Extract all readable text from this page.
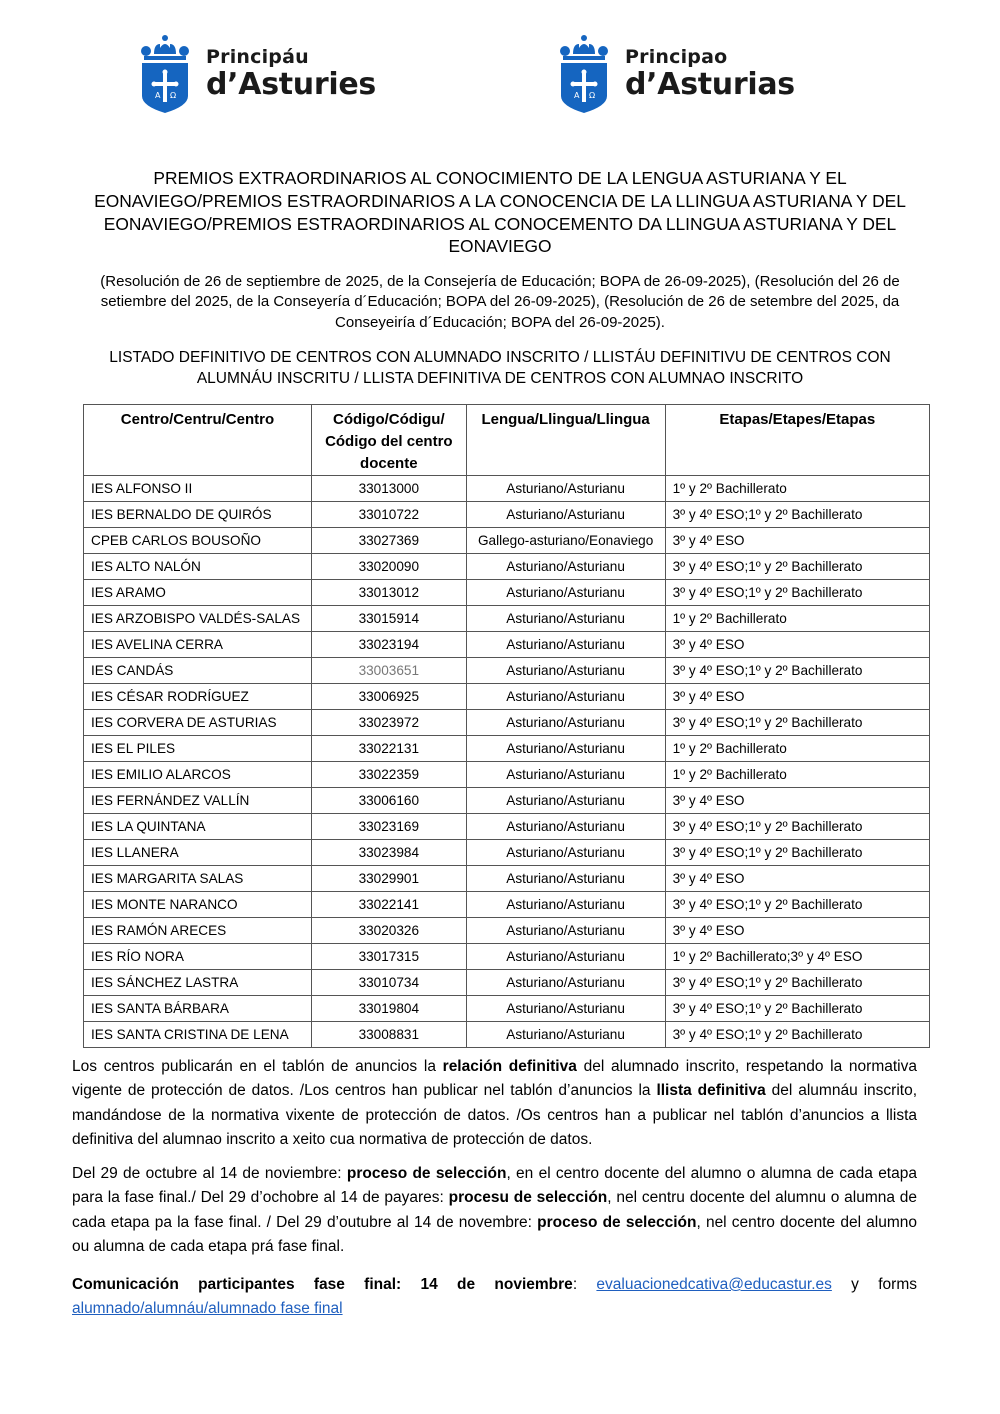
A Ω
Principáu
d’Asturies	A Ω
Principao
d’Asturias
PREMIOS EXTRAORDINARIOS AL CONOCIMIENTO DE LA LENGUA ASTURIANA Y EL EONAVIEGO/PREMIOS ESTRAORDINARIOS A LA CONOCENCIA DE LA LLINGUA ASTURIANA Y DEL EONAVIEGO/PREMIOS ESTRAORDINARIOS AL CONOCEMENTO DA LLINGUA ASTURIANA Y DEL EONAVIEGO
(Resolución de 26 de septiembre de 2025, de la Consejería de Educación; BOPA de 26-09-2025), (Resolución del 26 de setiembre del 2025, de la Conseyería d´Educación; BOPA del 26-09-2025), (Resolución de 26 de setembre del 2025, da Conseyeiría d´Educación; BOPA del 26-09-2025).
LISTADO DEFINITIVO DE CENTROS CON ALUMNADO INSCRITO / LLISTÁU DEFINITIVU DE CENTROS CON ALUMNÁU INSCRITU / LLISTA DEFINITIVA DE CENTROS CON ALUMNAO INSCRITO
Centro/Centru/Centro	Código/Códigu/ Código del centro docente	Lengua/Llingua/Llingua	Etapas/Etapes/Etapas
IES ALFONSO II	33013000	Asturiano/Asturianu	1º y 2º Bachillerato
IES BERNALDO DE QUIRÓS	33010722	Asturiano/Asturianu	3º y 4º ESO;1º y 2º Bachillerato
CPEB CARLOS BOUSOÑO	33027369	Gallego-asturiano/Eonaviego	3º y 4º ESO
IES ALTO NALÓN	33020090	Asturiano/Asturianu	3º y 4º ESO;1º y 2º Bachillerato
IES ARAMO	33013012	Asturiano/Asturianu	3º y 4º ESO;1º y 2º Bachillerato
IES ARZOBISPO VALDÉS-SALAS	33015914	Asturiano/Asturianu	1º y 2º Bachillerato
IES AVELINA CERRA	33023194	Asturiano/Asturianu	3º y 4º ESO
IES CANDÁS	33003651	Asturiano/Asturianu	3º y 4º ESO;1º y 2º Bachillerato
IES CÉSAR RODRÍGUEZ	33006925	Asturiano/Asturianu	3º y 4º ESO
IES CORVERA DE ASTURIAS	33023972	Asturiano/Asturianu	3º y 4º ESO;1º y 2º Bachillerato
IES EL PILES	33022131	Asturiano/Asturianu	1º y 2º Bachillerato
IES EMILIO ALARCOS	33022359	Asturiano/Asturianu	1º y 2º Bachillerato
IES FERNÁNDEZ VALLÍN	33006160	Asturiano/Asturianu	3º y 4º ESO
IES LA QUINTANA	33023169	Asturiano/Asturianu	3º y 4º ESO;1º y 2º Bachillerato
IES LLANERA	33023984	Asturiano/Asturianu	3º y 4º ESO;1º y 2º Bachillerato
IES MARGARITA SALAS	33029901	Asturiano/Asturianu	3º y 4º ESO
IES MONTE NARANCO	33022141	Asturiano/Asturianu	3º y 4º ESO;1º y 2º Bachillerato
IES RAMÓN ARECES	33020326	Asturiano/Asturianu	3º y 4º ESO
IES RÍO NORA	33017315	Asturiano/Asturianu	1º y 2º Bachillerato;3º y 4º ESO
IES SÁNCHEZ LASTRA	33010734	Asturiano/Asturianu	3º y 4º ESO;1º y 2º Bachillerato
IES SANTA BÁRBARA	33019804	Asturiano/Asturianu	3º y 4º ESO;1º y 2º Bachillerato
IES SANTA CRISTINA DE LENA	33008831	Asturiano/Asturianu	3º y 4º ESO;1º y 2º Bachillerato
Los centros publicarán en el tablón de anuncios la relación definitiva del alumnado inscrito, respetando la normativa vigente de protección de datos. /Los centros han publicar nel tablón d’anuncios la llista definitiva del alumnáu inscrito, mandándose de la normativa vixente de protección de datos. /Os centros han a publicar nel tablón d’anuncios a llista definitiva del alumnao inscrito a xeito cua normativa de protección de datos.
Del 29 de octubre al 14 de noviembre: proceso de selección, en el centro docente del alumno o alumna de cada etapa para la fase final./ Del 29 d’ochobre al 14 de payares: procesu de selección, nel centru docente del alumnu o alumna de cada etapa pa la fase final. / Del 29 d’outubre al 14 de novembre: proceso de selección, nel centro docente del alumno ou alumna de cada etapa prá fase final.
Comunicación participantes fase final: 14 de noviembre: evaluacionedcativa@educastur.es y forms alumnado/alumnáu/alumnado fase final
